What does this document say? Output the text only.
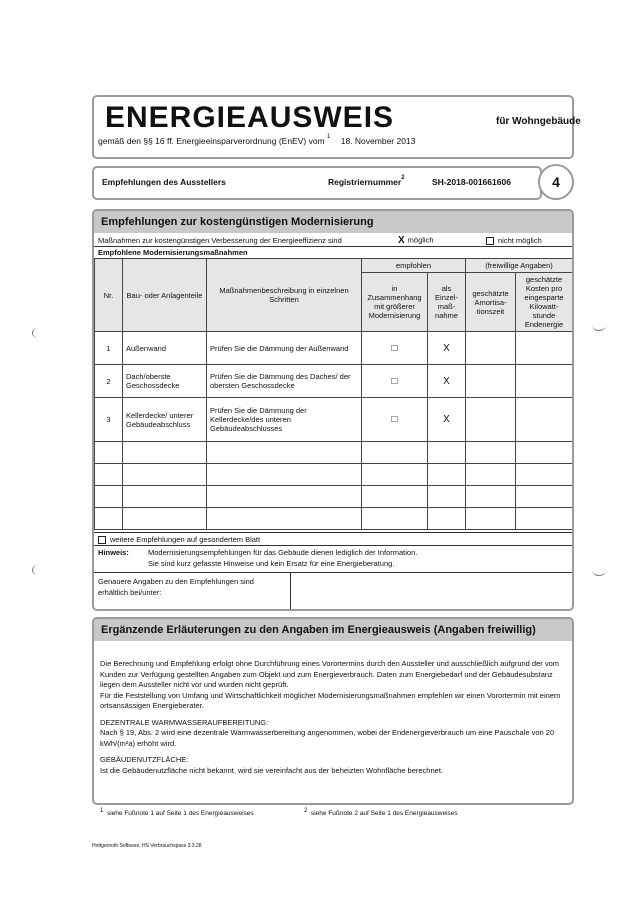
ENERGIEAUSWEIS	für Wohngebäude
gemäß den §§ 16 ff. Energieeinsparverordnung (EnEV) vom $^1$ 18. November 2013
Empfehlungen des Ausstellers	Registriernummer$^2$	SH-2018-001661606	4
Empfehlungen zur kostengünstigen Modernisierung
Maßnahmen zur kostengünstigen Verbesserung der Energieeffizienz sind	X möglich	nicht möglich
Empfohlene Modernisierungsmaßnahmen
Nr.	Bau- oder Anlagenteile	Maßnahmenbeschreibung in einzelnen Schritten	empfohlen		(freiwillige Angaben)	
			in Zusammenhang mit größerer Modernisierung	als Einzel-maß-nahme	geschätzte Amortisa-tionszeit	geschätzte Kosten pro eingesparte Kilowatt-stunde Endenergie
1	Außenwand	Prüfen Sie die Dämmung der Außenwand	□	X		
2	Dach/oberste Geschossdecke	Prüfen Sie die Dämmung des Daches/ der obersten Geschossdecke	□	X		
3	Kellerdecke/ unterer Gebäudeabschluss	Prüfen Sie die Dämmung der Kellerdecke/des unteren Gebäudeabschlusses	□	X		

weitere Empfehlungen auf gesondertem Blatt
Hinweis:	Modernisierungsempfehlungen für das Gebäude dienen lediglich der Information.
Sie sind kurz gefasste Hinweise und kein Ersatz für eine Energieberatung.
Genauere Angaben zu den Empfehlungen sind
erhältlich bei/unter:
Ergänzende Erläuterungen zu den Angaben im Energieausweis (Angaben freiwillig)

Die Berechnung und Empfehlung erfolgt ohne Durchführung eines Vorortermins durch den Aussteller und ausschließlich aufgrund der vom Kunden zur Verfügung gestellten Angaben zum Objekt und zum Energieverbrauch. Daten zum Energiebedarf und der Gebäudesubstanz liegen dem Aussteller nicht vor und wurden nicht geprüft.

Für die Feststellung von Umfang und Wirtschaftlichkeit möglicher Modernisierungsmaßnahmen empfehlen wir einen Vorortermin mit einem ortsansässigen Energieberater.

DEZENTRALE WARMWASSERAUFBEREITUNG:

Nach § 19, Abs. 2 wird eine dezentrale Warmwasserbereitung angenommen, wobei der Endenergieverbrauch um eine Pauschale von 20 kWh/(m²a) erhöht wird.

GEBÄUDENUTZFLÄCHE:

Ist die Gebäudenutzfläche nicht bekannt, wird sie vereinfacht aus der beheizten Wohnfläche berechnet.

$^1$ siehe Fußnote 1 auf Seite 1 des Energieausweises	$^2$ siehe Fußnote 2 auf Seite 1 des Energieausweises
Hottgenroth Software, HS Verbrauchspass 3.3.28
